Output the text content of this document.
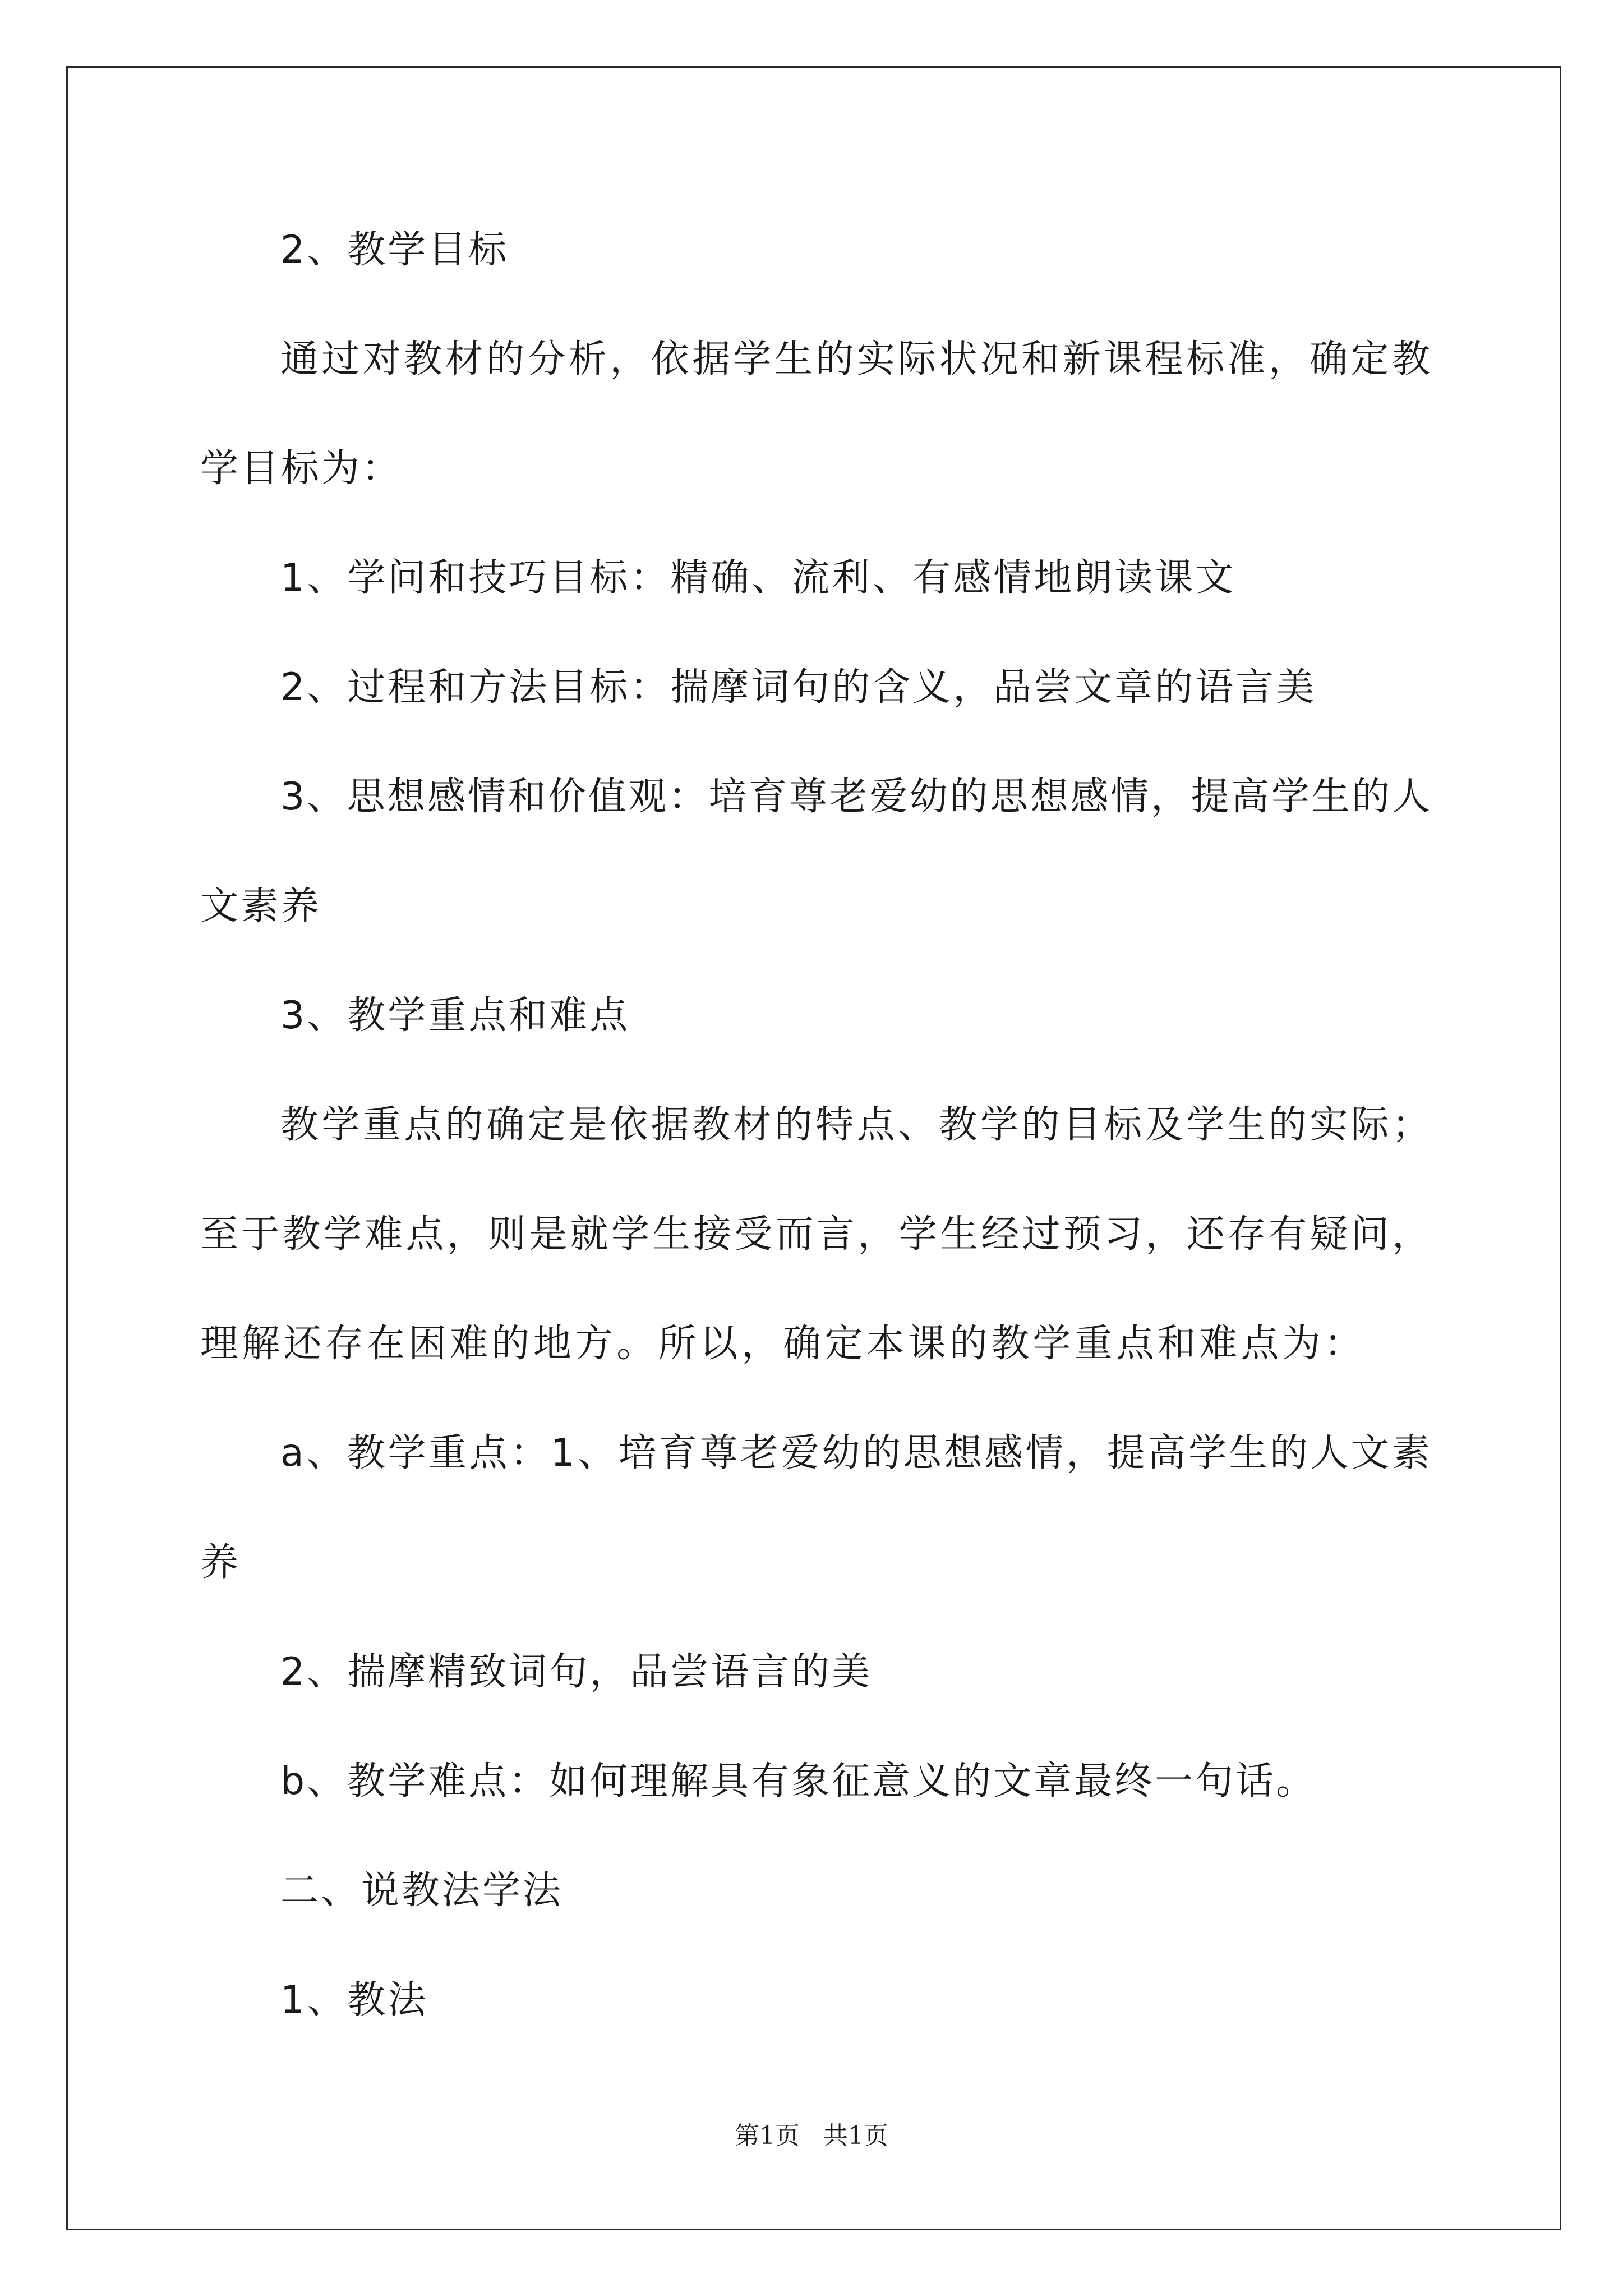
2、教学目标
通过对教材的分析，依据学生的实际状况和新课程标准，确定教
学目标为：
1、学问和技巧目标：精确、流利、有感情地朗读课文
2、过程和方法目标：揣摩词句的含义，品尝文章的语言美
3、思想感情和价值观：培育尊老爱幼的思想感情，提高学生的人
文素养
3、教学重点和难点
教学重点的确定是依据教材的特点、教学的目标及学生的实际；
至于教学难点，则是就学生接受而言，学生经过预习，还存有疑问，
理解还存在困难的地方。所以，确定本课的教学重点和难点为：
a、教学重点：1、培育尊老爱幼的思想感情，提高学生的人文素
养
2、揣摩精致词句，品尝语言的美
b、教学难点：如何理解具有象征意义的文章最终一句话。
二、说教法学法
1、教法
第1页 共1页
